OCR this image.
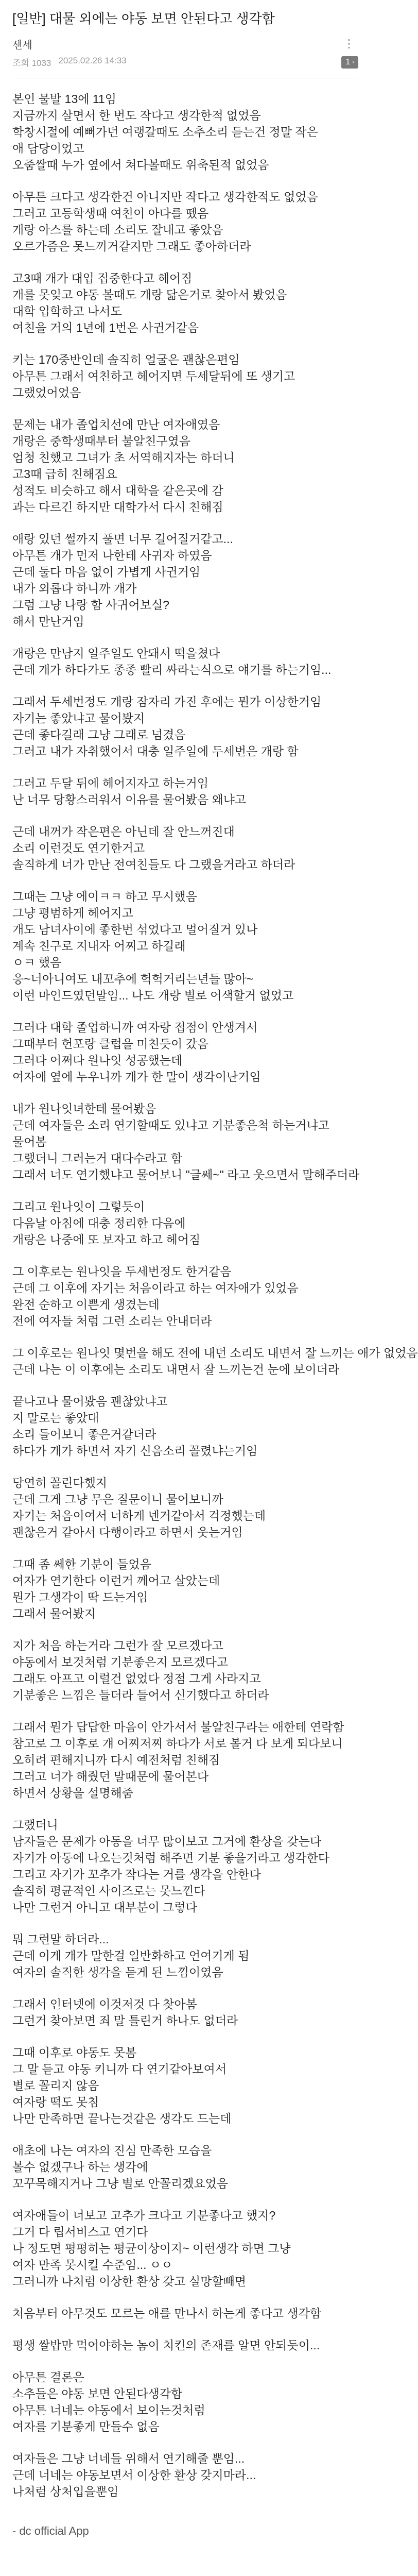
[일반] 대물 외에는 야동 보면 안된다고 생각함
센세	⋮
조회 1033 2025.02.26 14:33	1 ›
본인 물발 13에 11임
지금까지 살면서 한 번도 작다고 생각한적 없었음
학창시절에 예뻐가던 여랭갈때도 소추소리 듣는건 정말 작은
애 담당이었고
오줌쌀때 누가 옆에서 쳐다볼때도 위축된적 없었음
아무튼 크다고 생각한건 아니지만 작다고 생각한적도 없었음
그러고 고등학생때 여친이 아다를 뗐음
개랑 아스를 하는데 소리도 잘내고 좋았음
오르가즘은 못느끼거같지만 그래도 좋아하더라
고3때 개가 대입 집중한다고 헤어짐
개를 못잊고 야동 볼때도 개랑 닮은거로 찾아서 봤었음
대학 입학하고 나서도
여친을 거의 1년에 1번은 사귄거같음
키는 170중반인데 솔직히 얼굴은 괜찮은편임
아무튼 그래서 여친하고 헤어지면 두세달뒤에 또 생기고
그랬었어었음
문제는 내가 졸업치선에 만난 여자애였음
개랑은 중학생때부터 불알친구였음
엄청 친했고 그녀가 초 서역해지자는 하더니
고3때 급히 친해짐요
성적도 비슷하고 해서 대학을 같은곳에 감
과는 다르긴 하지만 대학가서 다시 친해짐
애랑 있던 썰까지 풀면 너무 길어질거같고...
아무튼 개가 먼저 나한테 사귀자 하였음
근데 둘다 마음 없이 가볍게 사귄거임
내가 외롭다 하니까 개가
그럼 그냥 나랑 함 사귀어보실?
해서 만난거임
개랑은 만남지 일주일도 안돼서 떡을쳤다
근데 개가 하다가도 종종 빨리 싸라는식으로 얘기를 하는거임...
그래서 두세번정도 개랑 잠자리 가진 후에는 뭔가 이상한거임
자기는 좋았냐고 물어봤지
근데 좋다길래 그냥 그래로 넘겼음
그러고 내가 자취했어서 대충 일주일에 두세번은 개랑 함
그러고 두달 뒤에 헤어지자고 하는거임
난 너무 당황스러워서 이유를 물어봤음 왜냐고
근데 내꺼가 작은편은 아닌데 잘 안느꺼진대
소리 이런것도 연기한거고
솔직하게 너가 만난 전여친들도 다 그랬을거라고 하더라
그때는 그냥 에이ㅋㅋ 하고 무시했음
그냥 평범하게 헤어지고
개도 남녀사이에 좋한번 섞었다고 멀어질거 있나
계속 친구로 지내자 어찌고 하길래
ㅇㅋ 했음
응~너아니여도 내꼬추에 헉헉거리는년들 많아~
이런 마인드였던말임... 나도 개랑 별로 어색할거 없었고
그러다 대학 졸업하니까 여자랑 접점이 안생겨서
그때부터 헌포랑 클럽을 미친듯이 갔음
그러다 어쩌다 원나잇 성공했는데
여자애 옆에 누우니까 개가 한 말이 생각이난거임
내가 원나잇녀한테 물어봤음
근데 여자들은 소리 연기할때도 있냐고 기분좋은척 하는거냐고
물어봄
그랬더니 그러는거 대다수라고 함
그래서 너도 연기했냐고 물어보니 "글쎄~" 라고 웃으면서 말해주더라
그리고 원나잇이 그렇듯이
다음날 아침에 대충 정리한 다음에
개랑은 나중에 또 보자고 하고 헤어짐
그 이후로는 원나잇을 두세번정도 한거같음
근데 그 이후에 자기는 처음이라고 하는 여자애가 있었음
완전 순하고 이쁜게 생겼는데
전에 여자들 처럼 그런 소리는 안내더라
그 이후로는 원나잇 몇번을 해도 전에 내던 소리도 내면서 잘 느끼는 애가 없었음
근데 나는 이 이후에는 소리도 내면서 잘 느끼는건 눈에 보이더라
끝나고나 물어봤음 괜찮았냐고
지 말로는 좋았대
소리 들어보니 좋은거같더라
하다가 개가 하면서 자기 신음소리 꼴렸냐는거임
당연히 꼴린다했지
근데 그게 그냥 무은 질문이니 물어보니까
자기는 처음이여서 너하게 넨거같아서 걱정했는데
괜찮은거 같아서 다행이라고 하면서 웃는거임
그때 좀 쎄한 기분이 들었음
여자가 연기한다 이런거 께어고 살았는데
뭔가 그생각이 딱 드는거임
그래서 물어봤지
지가 처음 하는거라 그런가 잘 모르겠다고
야동에서 보것처럼 기분좋은지 모르겠다고
그래도 아프고 이럴건 없었다 정점 그게 사라지고
기분좋은 느낌은 들더라 들어서 신기했다고 하더라
그래서 뭔가 답답한 마음이 안가서서 불알친구라는 애한테 연락함
참고로 그 이후로 걔 어찌저찌 하다가 서로 볼거 다 보게 되다보니
오히려 편해지니까 다시 예전처럼 친해짐
그러고 너가 해줬던 말때문에 물어본다
하면서 상황을 설명해줌
그랬더니
남자들은 문제가 아동을 너무 많이보고 그거에 환상을 갖는다
자기가 아동에 나오는것처럼 해주면 기분 좋을거라고 생각한다
그리고 자기가 꼬추가 작다는 거를 생각을 안한다
솔직히 평균적인 사이즈로는 못느낀다
나만 그런거 아니고 대부분이 그렇다
뭐 그런말 하더라...
근데 이게 개가 말한걸 일반화하고 언여기게 됨
여자의 솔직한 생각을 듣게 된 느낌이였음
그래서 인터넷에 이것저것 다 찾아봄
그런거 찾아보면 죄 말 틀린거 하나도 없더라
그때 이후로 야동도 못봄
그 말 듣고 야동 키니까 다 연기같아보여서
별로 꼴리지 않음
여자랑 떡도 못침
나만 만족하면 끝나는것같은 생각도 드는데
애초에 나는 여자의 진심 만족한 모습을
볼수 없겠구나 하는 생각에
꼬꾸목해지거나 그냥 별로 안꼴리겠요었음
여자애들이 너보고 고추가 크다고 기분좋다고 했지?
그거 다 립서비스고 연기다
나 정도면 평평히는 평균이상이지~ 이런생각 하면 그냥
여자 만족 못시킬 수준임... ㅇㅇ
그러니까 나처럼 이상한 환상 갖고 실망할빼면
처음부터 아무것도 모르는 애를 만나서 하는게 좋다고 생각함
평생 쌀밥만 먹어야하는 놈이 치킨의 존재를 알면 안되듯이...
아무튼 결론은
소추들은 야동 보면 안된다생각함
아무튼 너네는 야동에서 보이는것처럼
여자를 기분좋게 만들수 없음
여자들은 그냥 너네들 위해서 연기해줄 뿐임...
근데 너네는 야동보면서 이상한 환상 갖지마라...
나처럼 상처입을뿐임
- dc official App
